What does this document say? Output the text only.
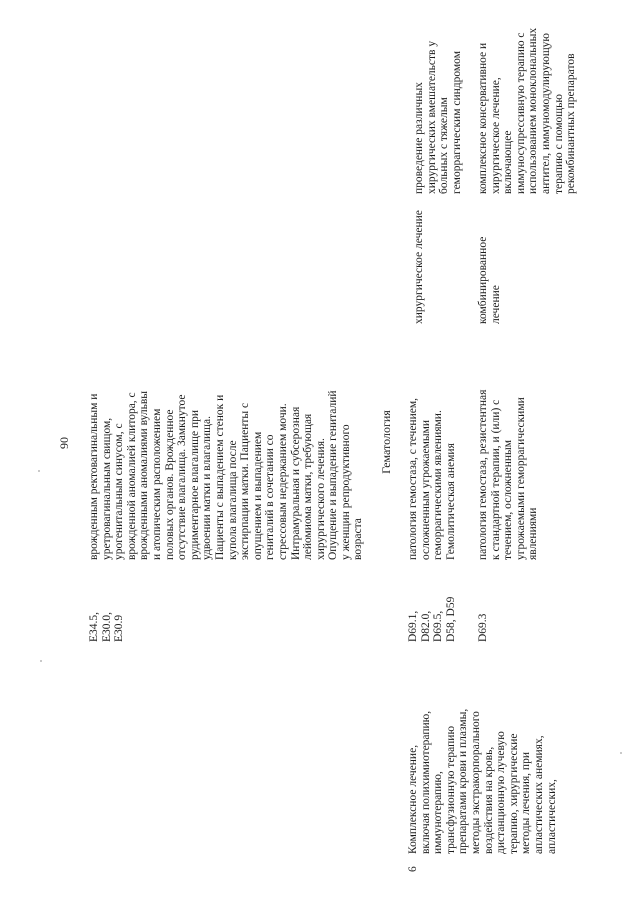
90 врожденным ректовагинальным и уретровагинальным свищом, урогенитальным синусом, с врожденной аномалией клитора, с врожденными аномалиями вульвы и атопическим расположением половых органов. Врожденное отсутствие влагалища. Замкнутое рудиментарное влагалище при удвоении матки и влагалища. Пациенты с выпадением стенок и купола влагалища после экстирпации матки. Пациенты с опущением и выпадением гениталий в сочетании со стрессовым недержанием мочи. Интрамуральная и субсерозная лейомиома матки, требующая хирургического лечения. Опущение и выпадение гениталий у женщин репродуктивного возраста
E34.5, E30.0, E30.9
хирургическое лечение
Гематология
6
Комплексное лечение, включая полихимиотерапию, иммунотерапию, трансфузионную терапию препаратами крови и плазмы, методы экстракорпорального воздействия на кровь, дистанционную лучевую терапию, хирургические методы лечения, при апластических анемиях, апластических,
D69.1, D82.0, D69.5, D58, D59
патология гемостаза, с течением, осложненным угрожаемыми геморрагическими явлениями. Гемолитическая анемия
D69.3
патология гемостаза, резистентная к стандартной терапии, и (или) с течением, осложненным угрожаемыми геморрагическими явлениями
комбинированное лечение
комплексное консервативное и хирургическое лечение, включающее иммуносупрессивную терапию с использованием моноклональных антител, иммуномодулирующую терапию с помощью рекомбинантных препаратов
проведение различных хирургических вмешательств у больных с тяжелым геморрагическим синдромом
